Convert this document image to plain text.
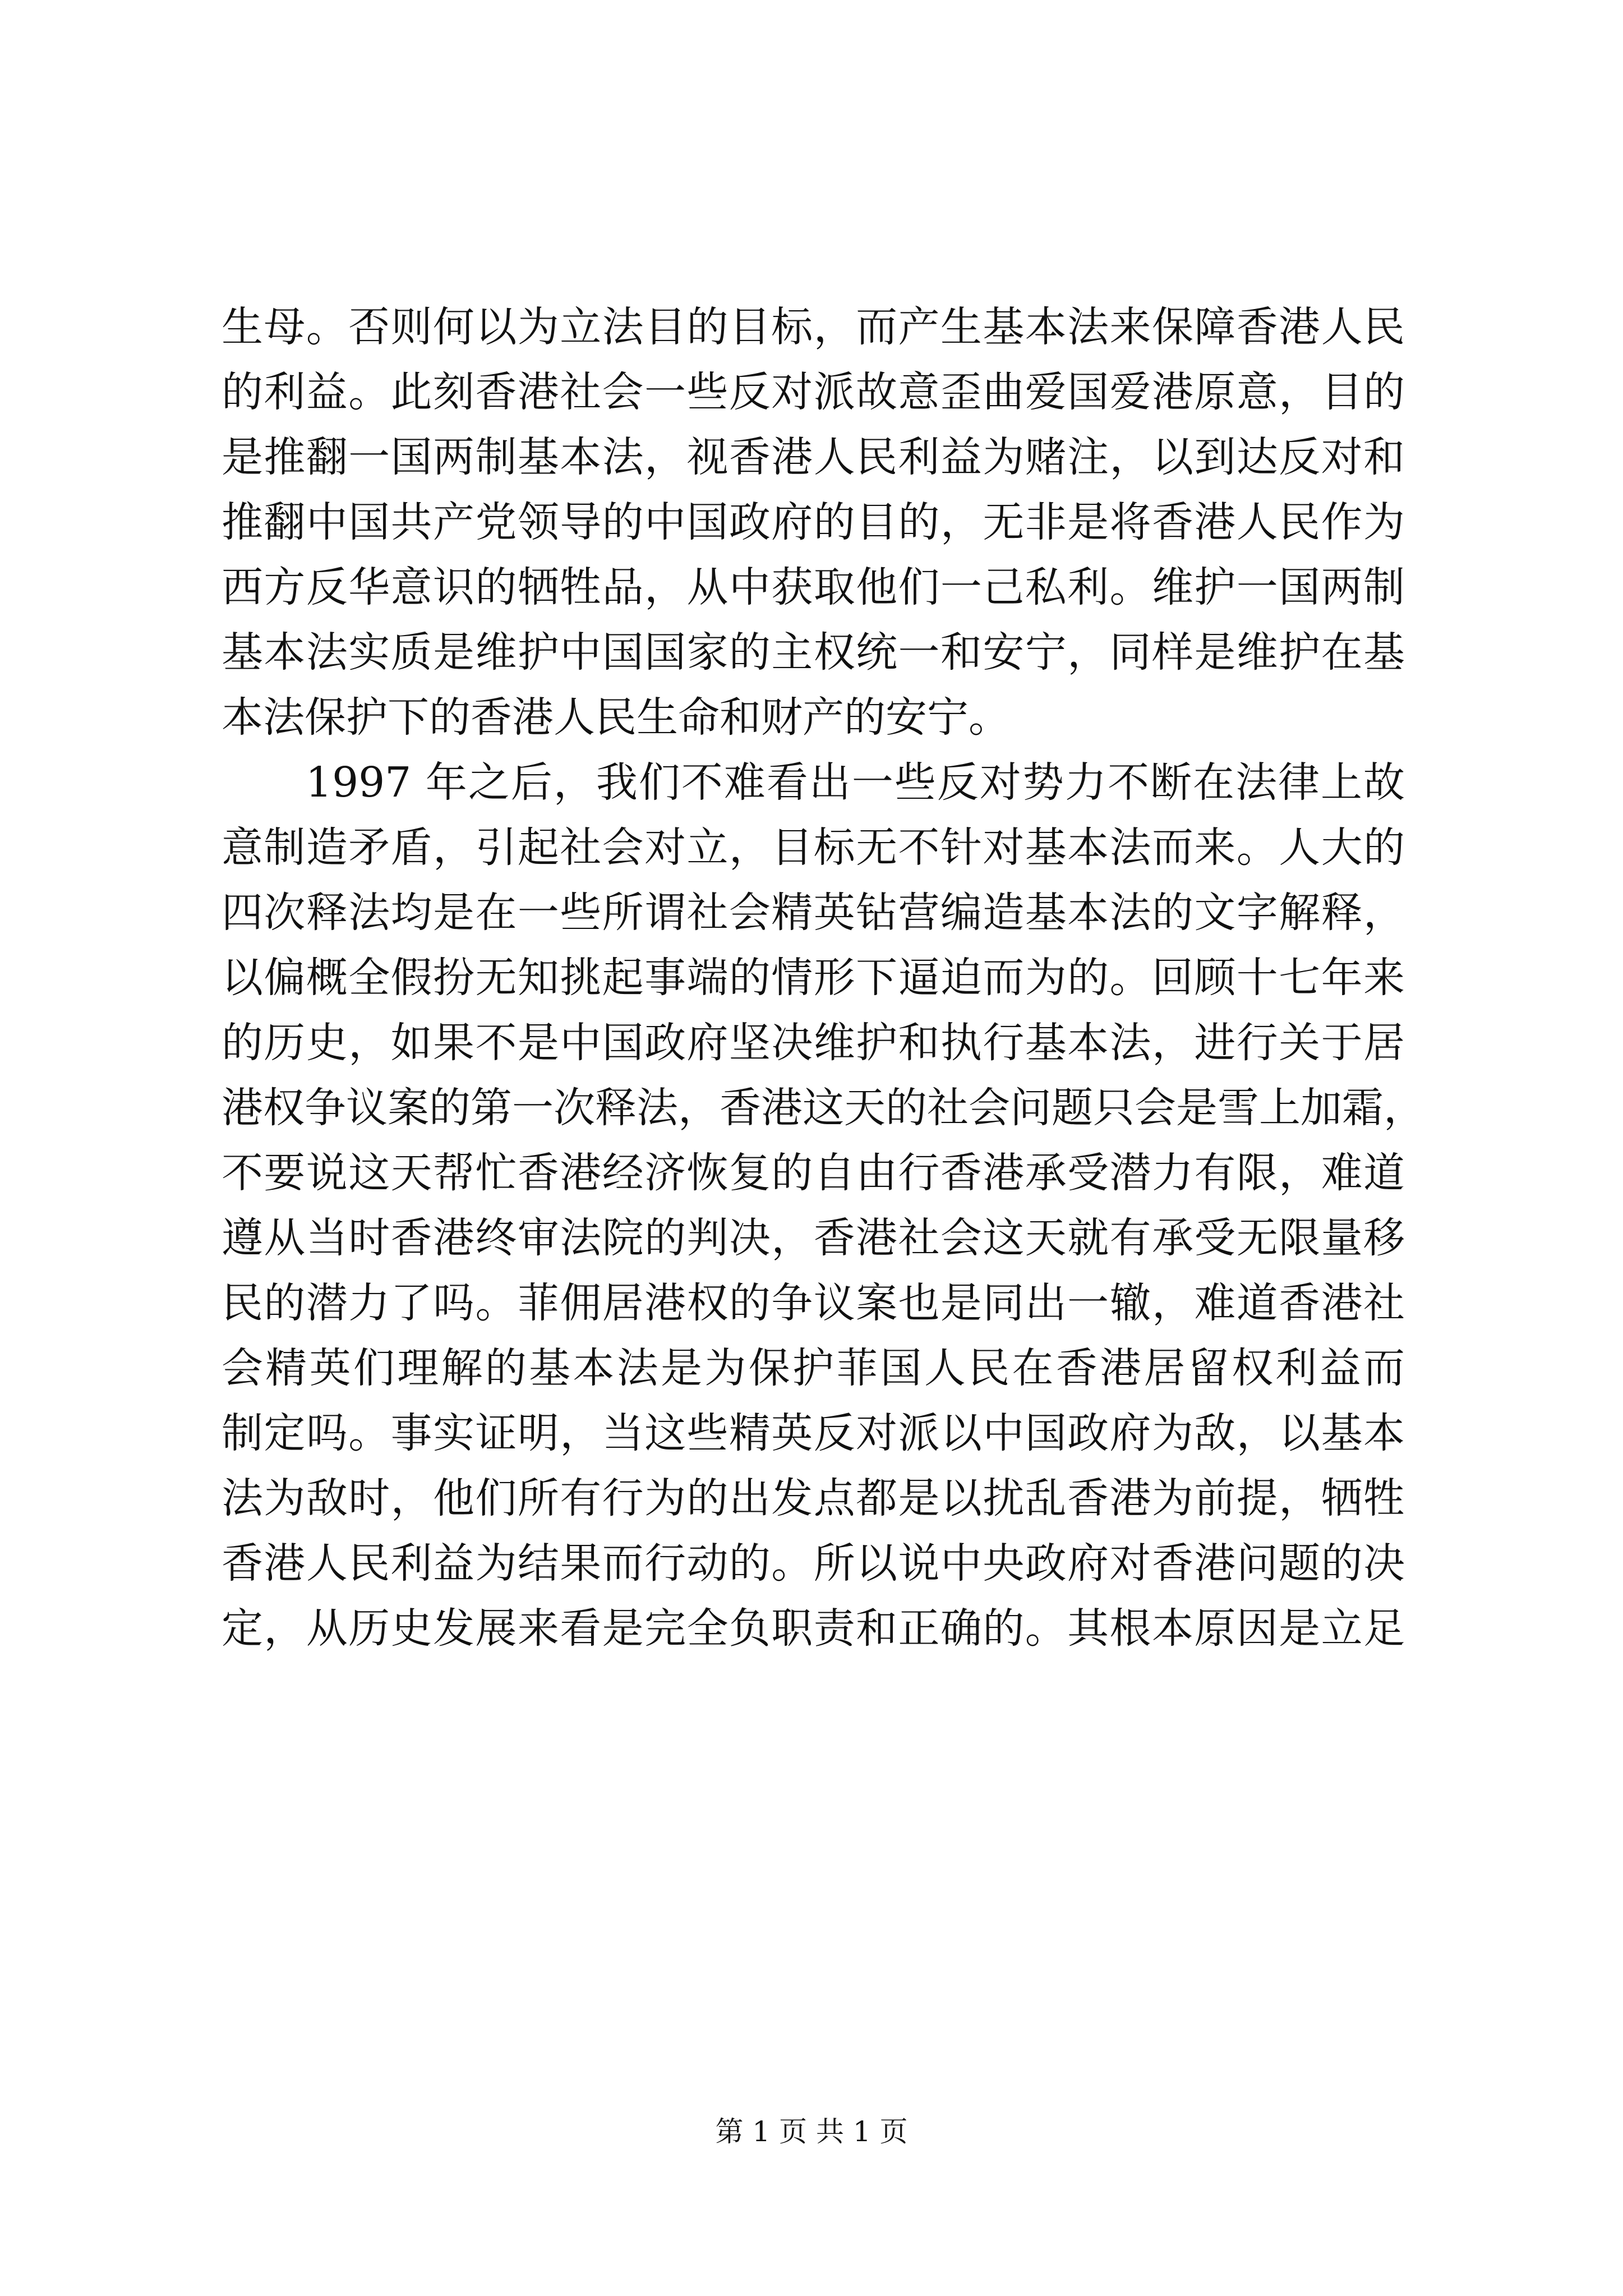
生母。否则何以为立法目的目标，而产生基本法来保障香港人民
的利益。此刻香港社会一些反对派故意歪曲爱国爱港原意，目的
是推翻一国两制基本法，视香港人民利益为赌注，以到达反对和
推翻中国共产党领导的中国政府的目的，无非是将香港人民作为
西方反华意识的牺牲品，从中获取他们一己私利。维护一国两制
基本法实质是维护中国国家的主权统一和安宁，同样是维护在基
本法保护下的香港人民生命和财产的安宁。
1997 年之后，我们不难看出一些反对势力不断在法律上故
意制造矛盾，引起社会对立，目标无不针对基本法而来。人大的
四次释法均是在一些所谓社会精英钻营编造基本法的文字解释，
以偏概全假扮无知挑起事端的情形下逼迫而为的。回顾十七年来
的历史，如果不是中国政府坚决维护和执行基本法，进行关于居
港权争议案的第一次释法，香港这天的社会问题只会是雪上加霜，
不要说这天帮忙香港经济恢复的自由行香港承受潜力有限，难道
遵从当时香港终审法院的判决，香港社会这天就有承受无限量移
民的潜力了吗。菲佣居港权的争议案也是同出一辙，难道香港社
会精英们理解的基本法是为保护菲国人民在香港居留权利益而
制定吗。事实证明，当这些精英反对派以中国政府为敌，以基本
法为敌时，他们所有行为的出发点都是以扰乱香港为前提，牺牲
香港人民利益为结果而行动的。所以说中央政府对香港问题的决
定，从历史发展来看是完全负职责和正确的。其根本原因是立足
第 1 页 共 1 页
